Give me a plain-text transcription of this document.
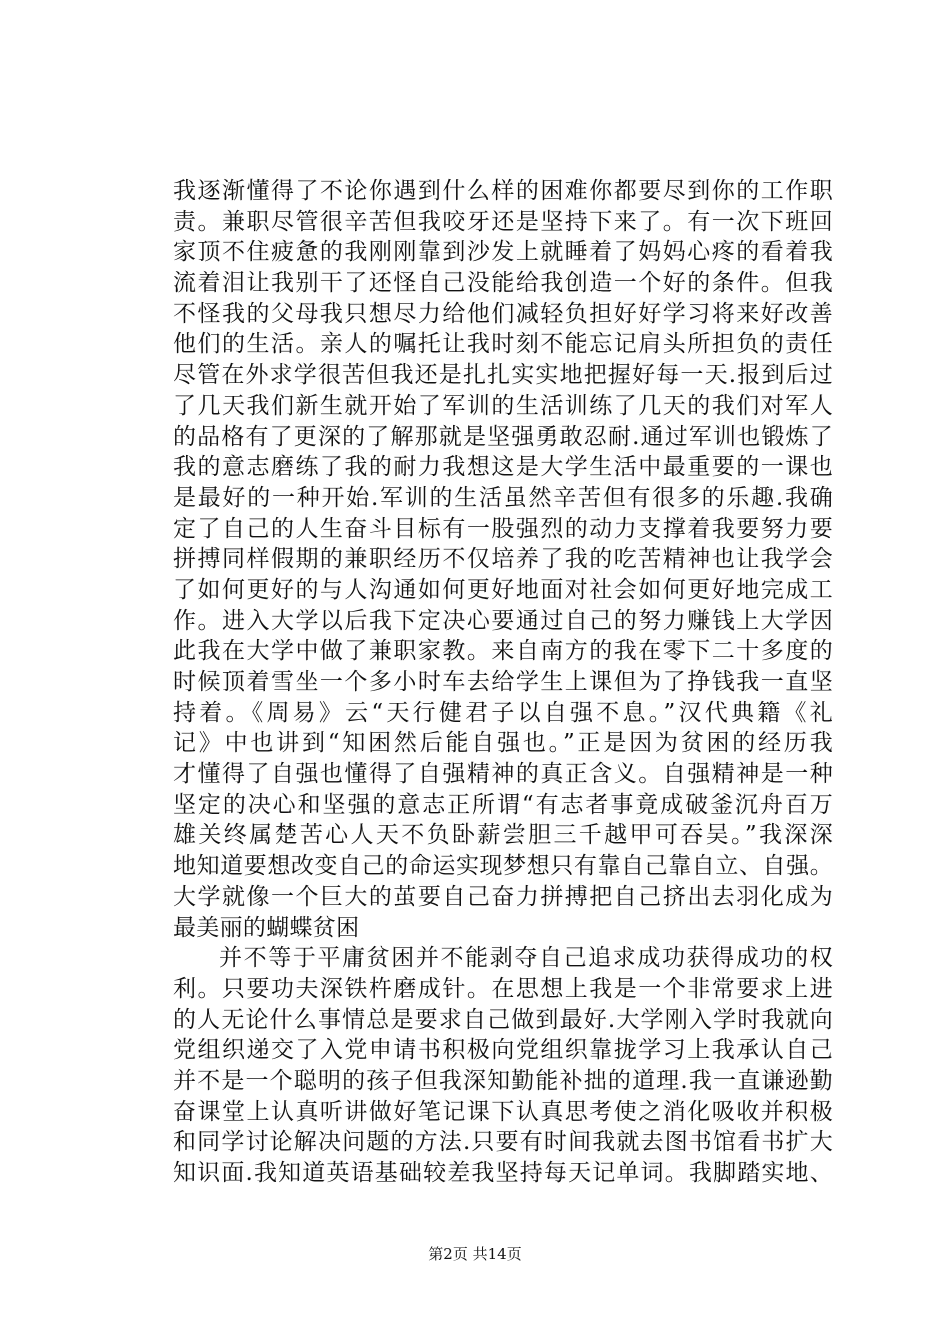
我逐渐懂得了不论你遇到什么样的困难你都要尽到你的工作职
责。兼职尽管很辛苦但我咬牙还是坚持下来了。有一次下班回
家顶不住疲惫的我刚刚靠到沙发上就睡着了妈妈心疼的看着我
流着泪让我别干了还怪自己没能给我创造一个好的条件。但我
不怪我的父母我只想尽力给他们减轻负担好好学习将来好改善
他们的生活。亲人的嘱托让我时刻不能忘记肩头所担负的责任
尽管在外求学很苦但我还是扎扎实实地把握好每一天.报到后过
了几天我们新生就开始了军训的生活训练了几天的我们对军人
的品格有了更深的了解那就是坚强勇敢忍耐.通过军训也锻炼了
我的意志磨练了我的耐力我想这是大学生活中最重要的一课也
是最好的一种开始.军训的生活虽然辛苦但有很多的乐趣.我确
定了自己的人生奋斗目标有一股强烈的动力支撑着我要努力要
拼搏同样假期的兼职经历不仅培养了我的吃苦精神也让我学会
了如何更好的与人沟通如何更好地面对社会如何更好地完成工
作。进入大学以后我下定决心要通过自己的努力赚钱上大学因
此我在大学中做了兼职家教。来自南方的我在零下二十多度的
时候顶着雪坐一个多小时车去给学生上课但为了挣钱我一直坚
持着。《周易》云“天行健君子以自强不息。”汉代典籍《礼
记》中也讲到“知困然后能自强也。”正是因为贫困的经历我
才懂得了自强也懂得了自强精神的真正含义。自强精神是一种
坚定的决心和坚强的意志正所谓“有志者事竟成破釜沉舟百万
雄关终属楚苦心人天不负卧薪尝胆三千越甲可吞吴。”我深深
地知道要想改变自己的命运实现梦想只有靠自己靠自立、自强。
大学就像一个巨大的茧要自己奋力拼搏把自己挤出去羽化成为
最美丽的蝴蝶贫困
并不等于平庸贫困并不能剥夺自己追求成功获得成功的权
利。只要功夫深铁杵磨成针。在思想上我是一个非常要求上进
的人无论什么事情总是要求自己做到最好.大学刚入学时我就向
党组织递交了入党申请书积极向党组织靠拢学习上我承认自己
并不是一个聪明的孩子但我深知勤能补拙的道理.我一直谦逊勤
奋课堂上认真听讲做好笔记课下认真思考使之消化吸收并积极
和同学讨论解决问题的方法.只要有时间我就去图书馆看书扩大
知识面.我知道英语基础较差我坚持每天记单词。我脚踏实地、
第2页 共14页
